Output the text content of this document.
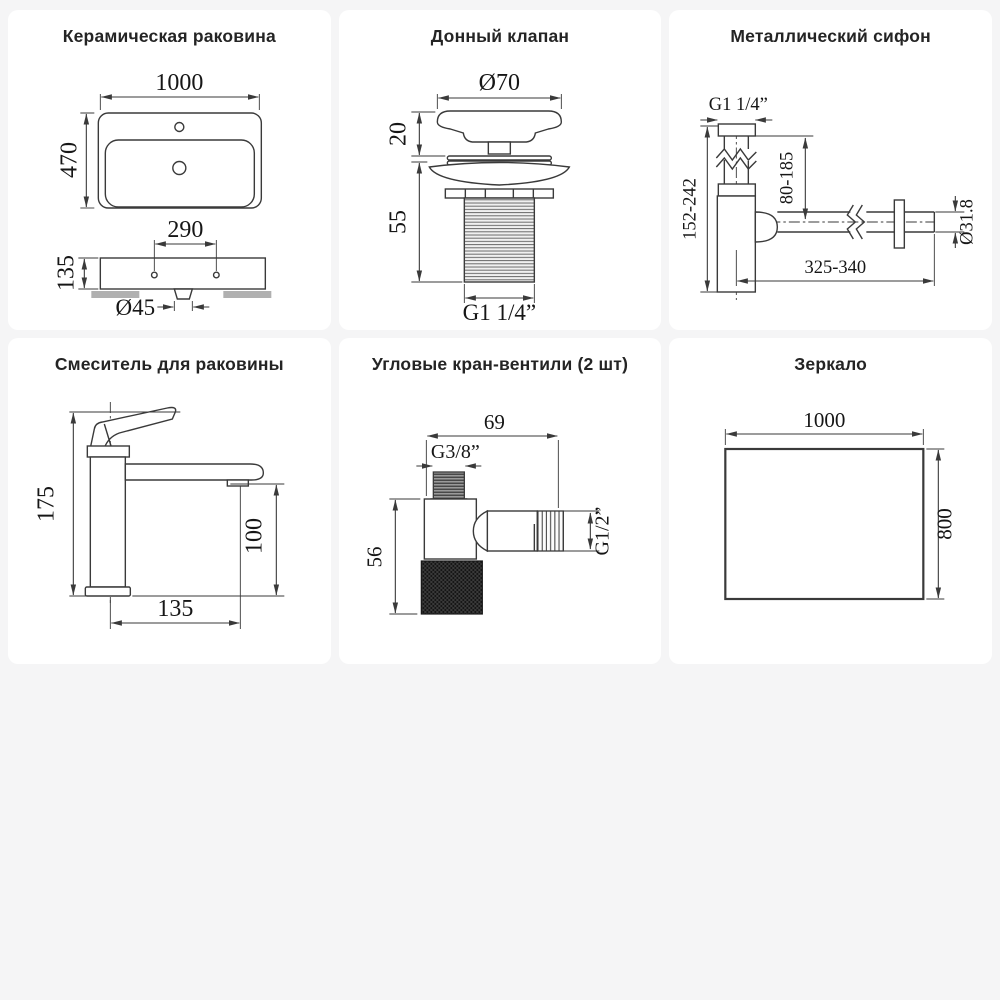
Керамическая раковина
1000
470
290
135
Ø45
Донный клапан
Ø70
20
55
G1 1/4”
Металлический сифон
G1 1/4”
152-242
80-185
Ø31.8
325-340
Смеситель для раковины
175
100
135
Угловые кран-вентили (2 шт)
69
G3/8”
56
G1/2”
Зеркало
1000
800
